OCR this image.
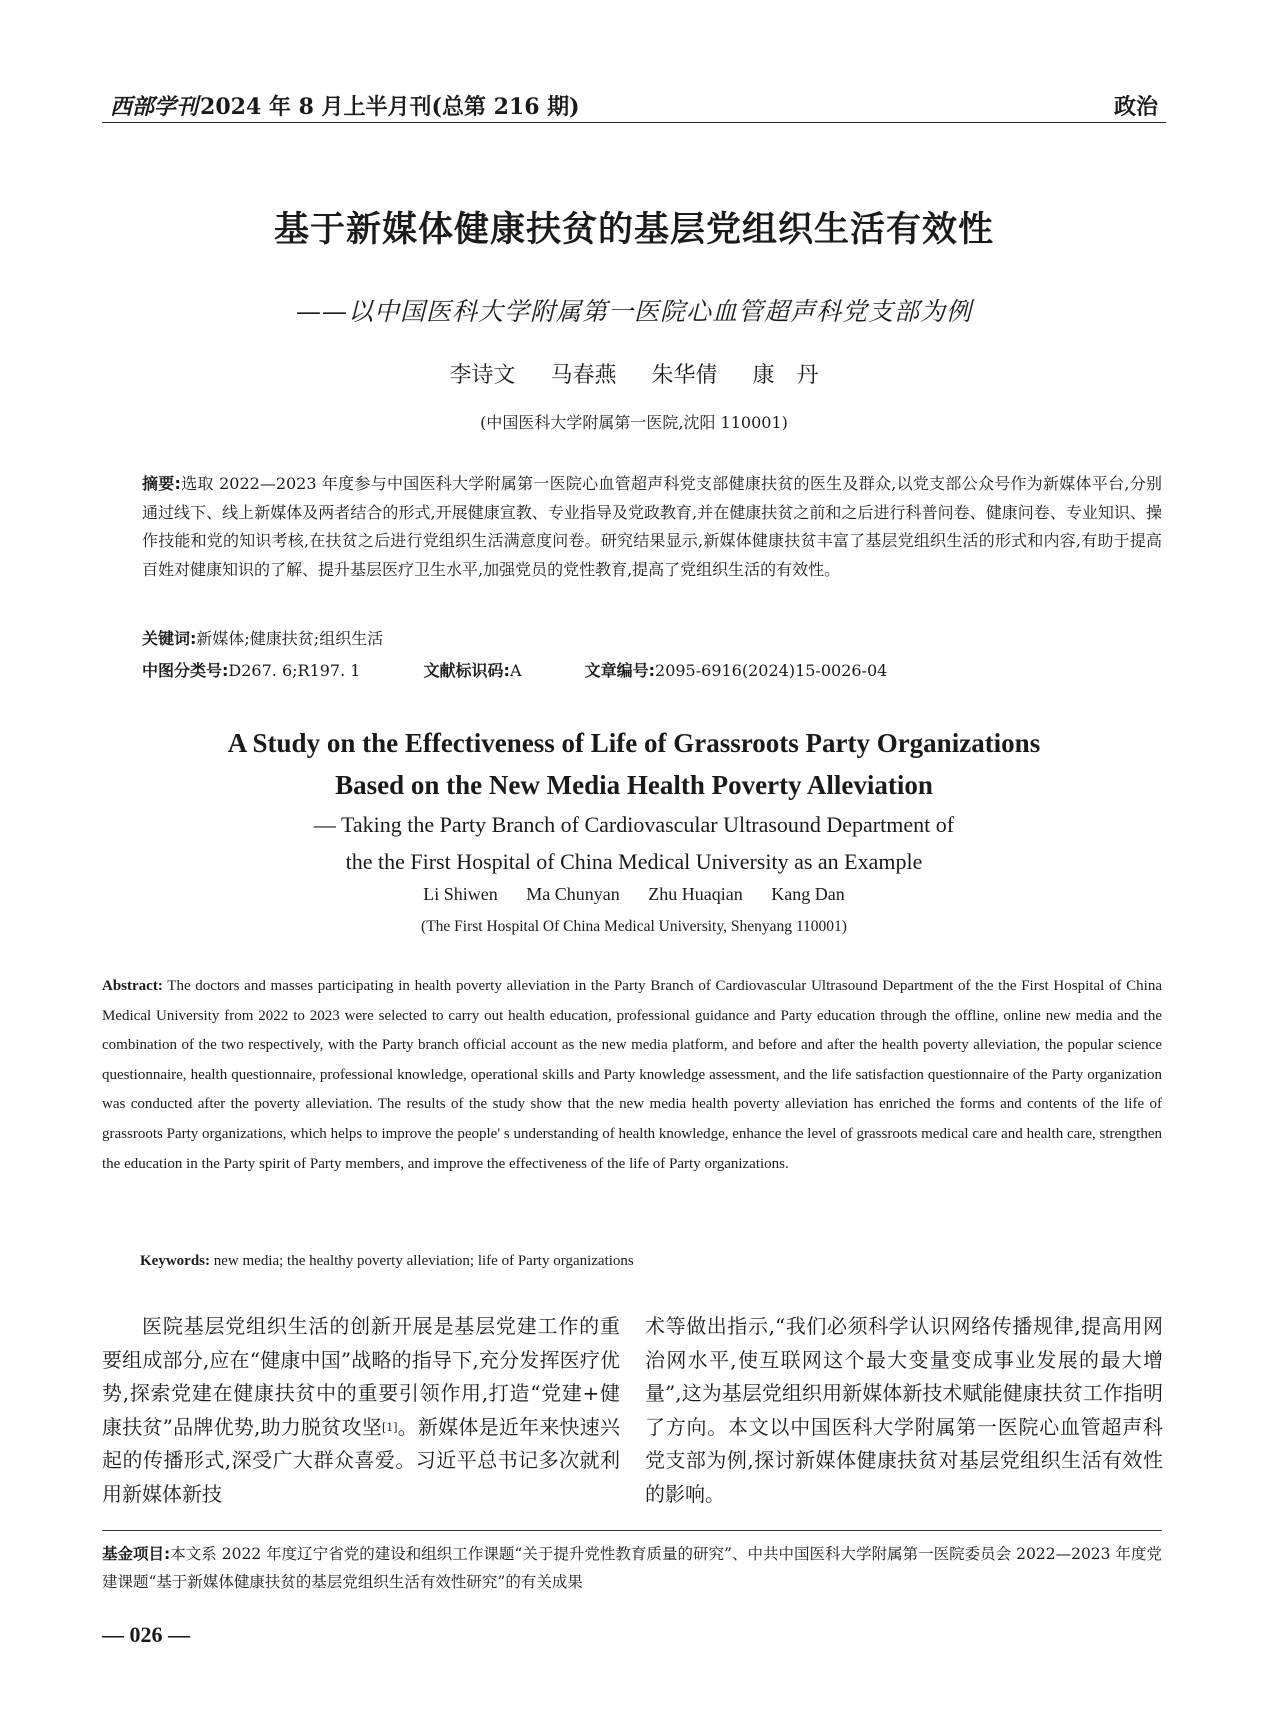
西部学刊2024 年 8 月上半月刊(总第 216 期)	政治
基于新媒体健康扶贫的基层党组织生活有效性
——以中国医科大学附属第一医院心血管超声科党支部为例
李诗文 马春燕 朱华倩 康　丹
(中国医科大学附属第一医院,沈阳 110001)
摘要:选取 2022—2023 年度参与中国医科大学附属第一医院心血管超声科党支部健康扶贫的医生及群众,以党支部公众号作为新媒体平台,分别通过线下、线上新媒体及两者结合的形式,开展健康宣教、专业指导及党政教育,并在健康扶贫之前和之后进行科普问卷、健康问卷、专业知识、操作技能和党的知识考核,在扶贫之后进行党组织生活满意度问卷。研究结果显示,新媒体健康扶贫丰富了基层党组织生活的形式和内容,有助于提高百姓对健康知识的了解、提升基层医疗卫生水平,加强党员的党性教育,提高了党组织生活的有效性。
关键词:新媒体;健康扶贫;组织生活
中图分类号:D267. 6;R197. 1	文献标识码:A	文章编号:2095-6916(2024)15-0026-04
A Study on the Effectiveness of Life of Grassroots Party Organizations
Based on the New Media Health Poverty Alleviation
— Taking the Party Branch of Cardiovascular Ultrasound Department of
the the First Hospital of China Medical University as an Example
Li Shiwen Ma Chunyan Zhu Huaqian Kang Dan
(The First Hospital Of China Medical University, Shenyang 110001)
Abstract: The doctors and masses participating in health poverty alleviation in the Party Branch of Cardiovascular Ultrasound Department of the the First Hospital of China Medical University from 2022 to 2023 were selected to carry out health education, professional guidance and Party education through the offline, online new media and the combination of the two respectively, with the Party branch official account as the new media platform, and before and after the health poverty alleviation, the popular science questionnaire, health questionnaire, professional knowledge, operational skills and Party knowledge assessment, and the life satisfaction questionnaire of the Party organization was conducted after the poverty alleviation. The results of the study show that the new media health poverty alleviation has enriched the forms and contents of the life of grassroots Party organizations, which helps to improve the people' s understanding of health knowledge, enhance the level of grassroots medical care and health care, strengthen the education in the Party spirit of Party members, and improve the effectiveness of the life of Party organizations.
Keywords: new media; the healthy poverty alleviation; life of Party organizations

医院基层党组织生活的创新开展是基层党建工作的重要组成部分,应在“健康中国”战略的指导下,充分发挥医疗优势,探索党建在健康扶贫中的重要引领作用,打造“党建+健康扶贫”品牌优势,助力脱贫攻坚[1]。新媒体是近年来快速兴起的传播形式,深受广大群众喜爱。习近平总书记多次就利用新媒体新技

术等做出指示,“我们必须科学认识网络传播规律,提高用网治网水平,使互联网这个最大变量变成事业发展的最大增量”,这为基层党组织用新媒体新技术赋能健康扶贫工作指明了方向。本文以中国医科大学附属第一医院心血管超声科党支部为例,探讨新媒体健康扶贫对基层党组织生活有效性的影响。

基金项目:本文系 2022 年度辽宁省党的建设和组织工作课题“关于提升党性教育质量的研究”、中共中国医科大学附属第一医院委员会 2022—2023 年度党建课题“基于新媒体健康扶贫的基层党组织生活有效性研究”的有关成果
— 026 —
